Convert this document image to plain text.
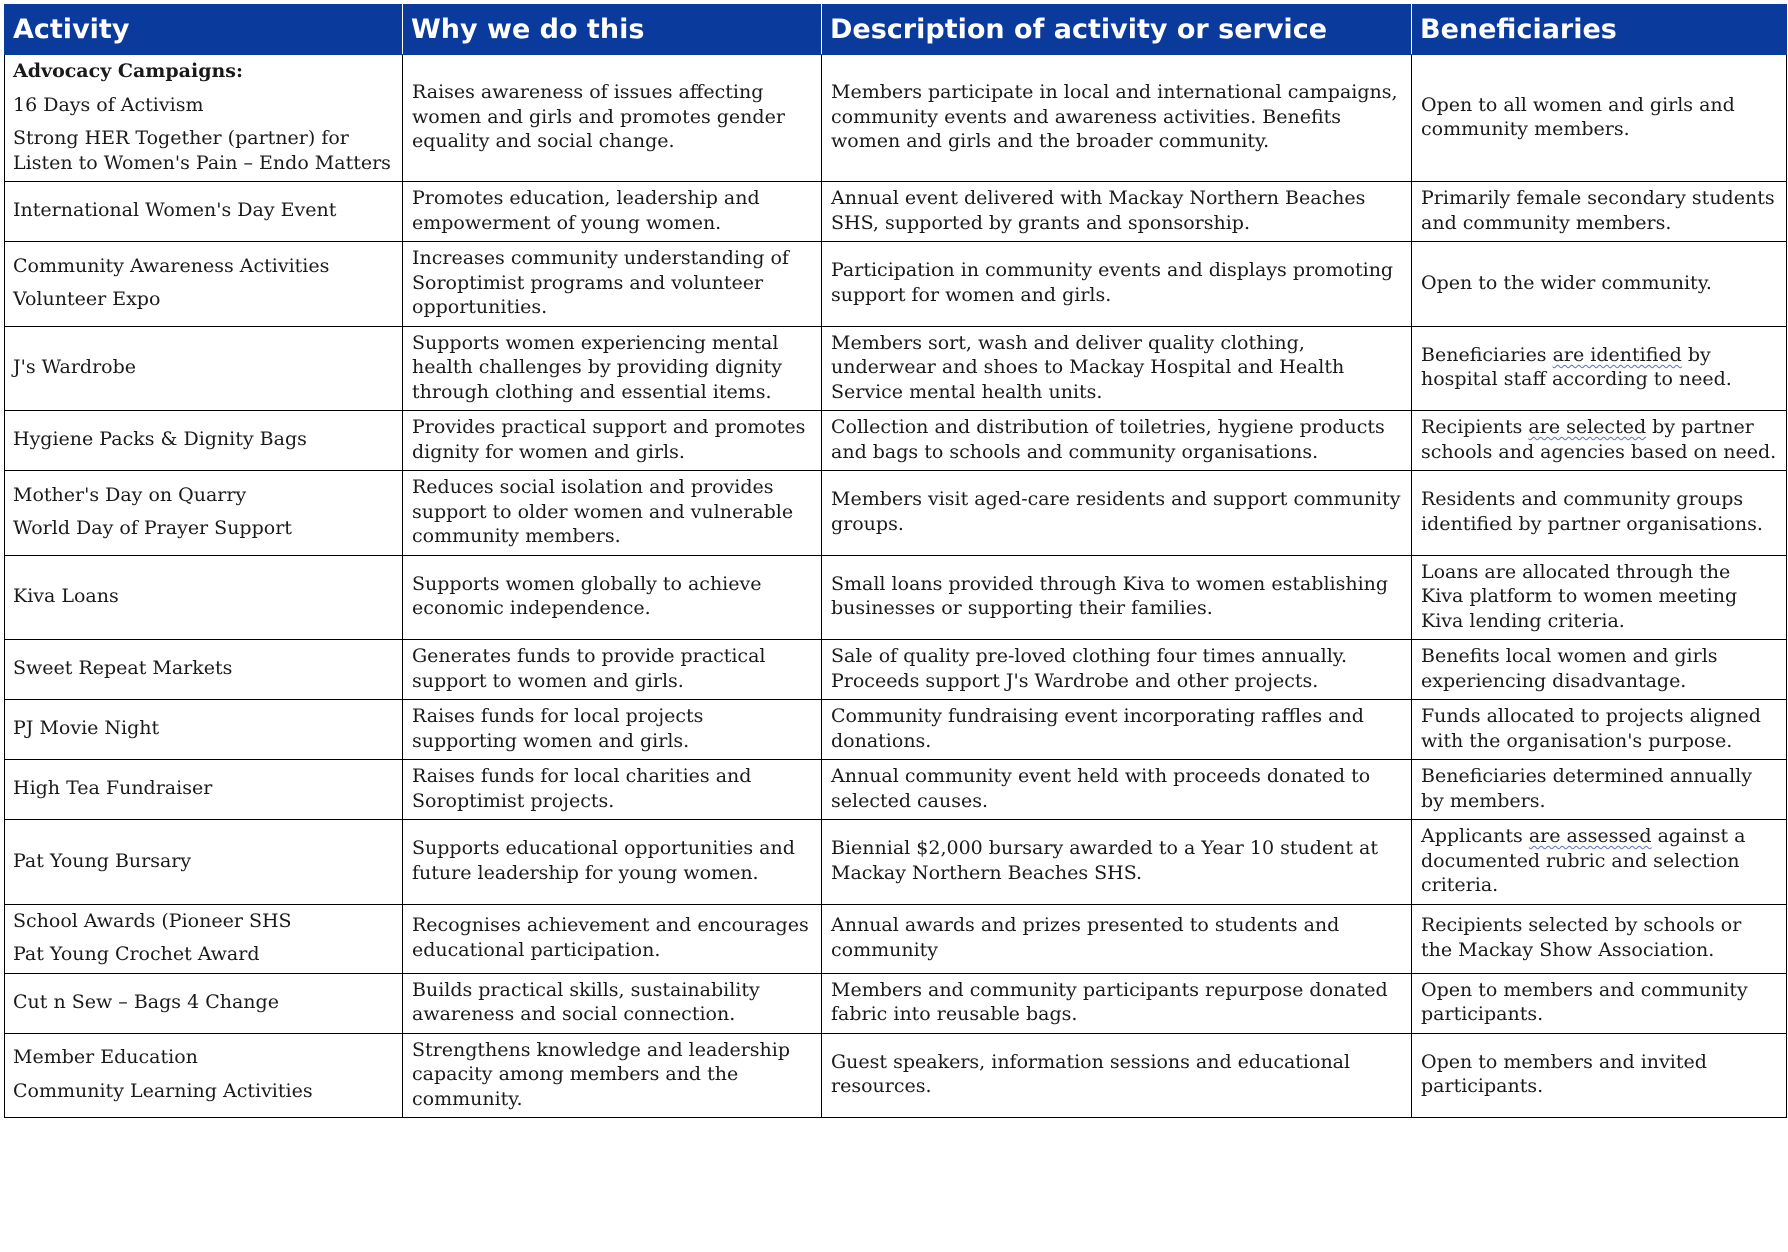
Activity	Why we do this	Description of activity or service	Beneficiaries

Advocacy Campaigns:
16 Days of Activism
Strong HER Together (partner) for Listen to Women's Pain – Endo Matters	Raises awareness of issues affecting women and girls and promotes gender equality and social change.	Members participate in local and international campaigns, community events and awareness activities. Benefits women and girls and the broader community.	Open to all women and girls and community members.

International Women's Day Event	Promotes education, leadership and empowerment of young women.	Annual event delivered with Mackay Northern Beaches SHS, supported by grants and sponsorship.	Primarily female secondary students and community members.

Community Awareness Activities
Volunteer Expo	Increases community understanding of Soroptimist programs and volunteer opportunities.	Participation in community events and displays promoting support for women and girls.	Open to the wider community.

J's Wardrobe	Supports women experiencing mental health challenges by providing dignity through clothing and essential items.	Members sort, wash and deliver quality clothing, underwear and shoes to Mackay Hospital and Health Service mental health units.	Beneficiaries are identified by hospital staff according to need.

Hygiene Packs & Dignity Bags	Provides practical support and promotes dignity for women and girls.	Collection and distribution of toiletries, hygiene products and bags to schools and community organisations.	Recipients are selected by partner schools and agencies based on need.

Mother's Day on Quarry
World Day of Prayer Support	Reduces social isolation and provides support to older women and vulnerable community members.	Members visit aged-care residents and support community groups.	Residents and community groups identified by partner organisations.

Kiva Loans	Supports women globally to achieve economic independence.	Small loans provided through Kiva to women establishing businesses or supporting their families.	Loans are allocated through the Kiva platform to women meeting Kiva lending criteria.

Sweet Repeat Markets	Generates funds to provide practical support to women and girls.	Sale of quality pre-loved clothing four times annually. Proceeds support J's Wardrobe and other projects.	Benefits local women and girls experiencing disadvantage.

PJ Movie Night	Raises funds for local projects supporting women and girls.	Community fundraising event incorporating raffles and donations.	Funds allocated to projects aligned with the organisation's purpose.

High Tea Fundraiser	Raises funds for local charities and Soroptimist projects.	Annual community event held with proceeds donated to selected causes.	Beneficiaries determined annually by members.

Pat Young Bursary	Supports educational opportunities and future leadership for young women.	Biennial $2,000 bursary awarded to a Year 10 student at Mackay Northern Beaches SHS.	Applicants are assessed against a documented rubric and selection criteria.

School Awards (Pioneer SHS
Pat Young Crochet Award	Recognises achievement and encourages educational participation.	Annual awards and prizes presented to students and community	Recipients selected by schools or the Mackay Show Association.

Cut n Sew – Bags 4 Change	Builds practical skills, sustainability awareness and social connection.	Members and community participants repurpose donated fabric into reusable bags.	Open to members and community participants.

Member Education
Community Learning Activities	Strengthens knowledge and leadership capacity among members and the community.	Guest speakers, information sessions and educational resources.	Open to members and invited participants.
